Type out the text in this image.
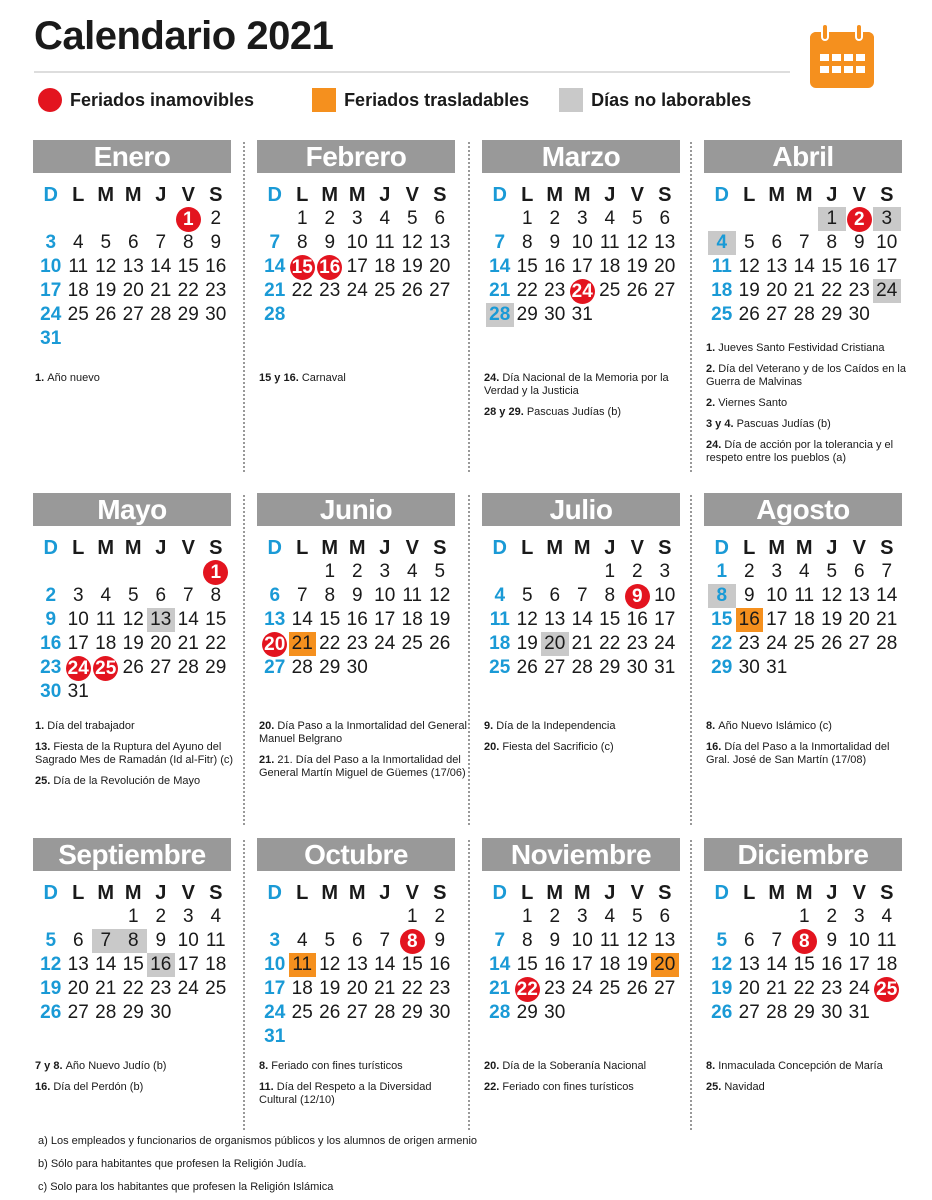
Calendario 2021
Feriados inamovibles	Feriados trasladables	Días no laborables
Enero
D L M M J V S
1 2
3 4 5 6 7 8 9
10 11 12 13 14 15 16
17 18 19 20 21 22 23
24 25 26 27 28 29 30
31

1. Año nuevo

Febrero
D L M M J V S
1 2 3 4 5 6
7 8 9 10 11 12 13
14 15 16 17 18 19 20
21 22 23 24 25 26 27
28

15 y 16. Carnaval

Marzo
D L M M J V S
1 2 3 4 5 6
7 8 9 10 11 12 13
14 15 16 17 18 19 20
21 22 23 24 25 26 27
28 29 30 31

24. Día Nacional de la Memoria por la Verdad y la Justicia

28 y 29. Pascuas Judías (b)

Abril
D L M M J V S
1 2 3
4 5 6 7 8 9 10
11 12 13 14 15 16 17
18 19 20 21 22 23 24
25 26 27 28 29 30

1. Jueves Santo Festividad Cristiana

2. Día del Veterano y de los Caídos en la Guerra de Malvinas

2. Viernes Santo

3 y 4. Pascuas Judías (b)

24. Día de acción por la tolerancia y el respeto entre los pueblos (a)

Mayo
D L M M J V S
1
2 3 4 5 6 7 8
9 10 11 12 13 14 15
16 17 18 19 20 21 22
23 24 25 26 27 28 29
30 31

1. Día del trabajador

13. Fiesta de la Ruptura del Ayuno del Sagrado Mes de Ramadán (Id al-Fitr) (c)

25. Día de la Revolución de Mayo

Junio
D L M M J V S
1 2 3 4 5
6 7 8 9 10 11 12
13 14 15 16 17 18 19
20 21 22 23 24 25 26
27 28 29 30

20. Día Paso a la Inmortalidad del General Manuel Belgrano

21. 21. Día del Paso a la Inmortalidad del General Martín Miguel de Güemes (17/06)

Julio
D L M M J V S
1 2 3
4 5 6 7 8 9 10
11 12 13 14 15 16 17
18 19 20 21 22 23 24
25 26 27 28 29 30 31

9. Día de la Independencia

20. Fiesta del Sacrificio (c)

Agosto
D L M M J V S
1 2 3 4 5 6 7
8 9 10 11 12 13 14
15 16 17 18 19 20 21
22 23 24 25 26 27 28
29 30 31

8. Año Nuevo Islámico (c)

16. Día del Paso a la Inmortalidad del Gral. José de San Martín (17/08)

Septiembre
D L M M J V S
1 2 3 4
5 6 7 8 9 10 11
12 13 14 15 16 17 18
19 20 21 22 23 24 25
26 27 28 29 30

7 y 8. Año Nuevo Judío (b)

16. Día del Perdón (b)

Octubre
D L M M J V S
1 2
3 4 5 6 7 8 9
10 11 12 13 14 15 16
17 18 19 20 21 22 23
24 25 26 27 28 29 30
31

8. Feriado con fines turísticos

11. Día del Respeto a la Diversidad Cultural (12/10)

Noviembre
D L M M J V S
1 2 3 4 5 6
7 8 9 10 11 12 13
14 15 16 17 18 19 20
21 22 23 24 25 26 27
28 29 30

20. Día de la Soberanía Nacional

22. Feriado con fines turísticos

Diciembre
D L M M J V S
1 2 3 4
5 6 7 8 9 10 11
12 13 14 15 16 17 18
19 20 21 22 23 24 25
26 27 28 29 30 31

8. Inmaculada Concepción de María

25. Navidad

a) Los empleados y funcionarios de organismos públicos y los alumnos de origen armenio
b) Sólo para habitantes que profesen la Religión Judía.
c) Solo para los habitantes que profesen la Religión Islámica
